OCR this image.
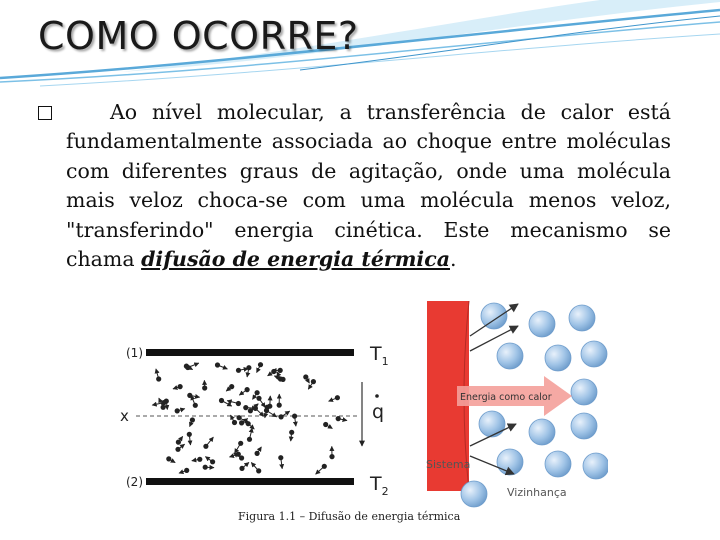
COMO OCORRE?

Ao nível molecular, a transferência de calor está fundamentalmente associada ao choque entre moléculas com diferentes graus de agitação, onde uma molécula mais veloz choca-se com uma molécula menos veloz, "transferindo" energia cinética. Este mecanismo se chama difusão de energia térmica.

(1)
(2)
$T_1$
$T_2$
x	q
Energia como calor
Sistema
Vizinhança
Figura 1.1 – Difusão de energia térmica
